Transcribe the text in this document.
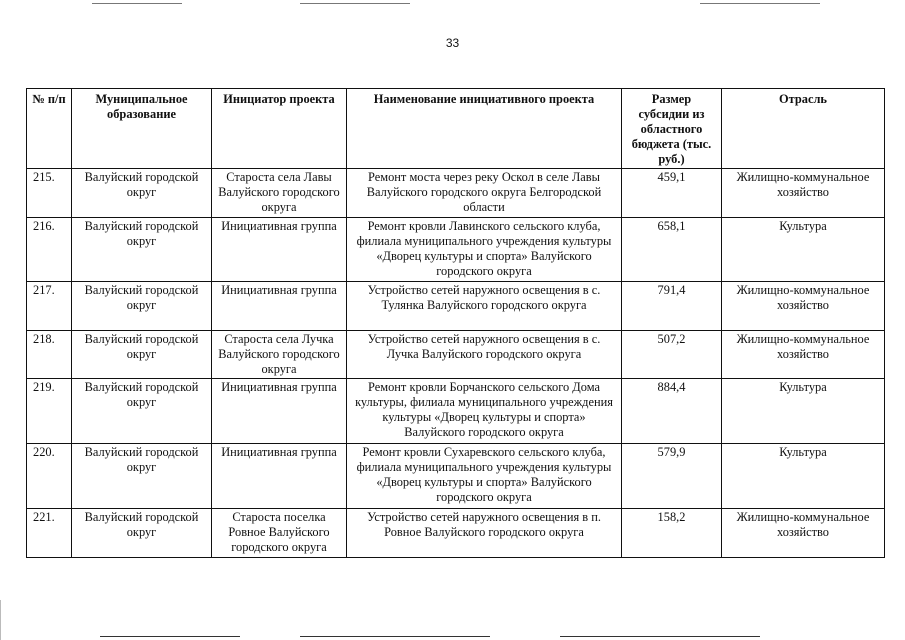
33
№ п/п	Муниципальное образование	Инициатор проекта	Наименование инициативного проекта	Размер субсидии из областного бюджета (тыс. руб.)	Отрасль
215.	Валуйский городской округ	Староста села Лавы Валуйского городского округа	Ремонт моста через реку Оскол в селе Лавы Валуйского городского округа Белгородской области	459,1	Жилищно-коммунальное хозяйство
216.	Валуйский городской округ	Инициативная группа	Ремонт кровли Лавинского сельского клуба, филиала муниципального учреждения культуры «Дворец культуры и спорта» Валуйского городского округа	658,1	Культура
217.	Валуйский городской округ	Инициативная группа	Устройство сетей наружного освещения в с. Тулянка Валуйского городского округа	791,4	Жилищно-коммунальное хозяйство
218.	Валуйский городской округ	Староста села Лучка Валуйского городского округа	Устройство сетей наружного освещения в с. Лучка Валуйского городского округа	507,2	Жилищно-коммунальное хозяйство
219.	Валуйский городской округ	Инициативная группа	Ремонт кровли Борчанского сельского Дома культуры, филиала муниципального учреждения культуры «Дворец культуры и спорта» Валуйского городского округа	884,4	Культура
220.	Валуйский городской округ	Инициативная группа	Ремонт кровли Сухаревского сельского клуба, филиала муниципального учреждения культуры «Дворец культуры и спорта» Валуйского городского округа	579,9	Культура
221.	Валуйский городской округ	Староста поселка Ровное Валуйского городского округа	Устройство сетей наружного освещения в п. Ровное Валуйского городского округа	158,2	Жилищно-коммунальное хозяйство
